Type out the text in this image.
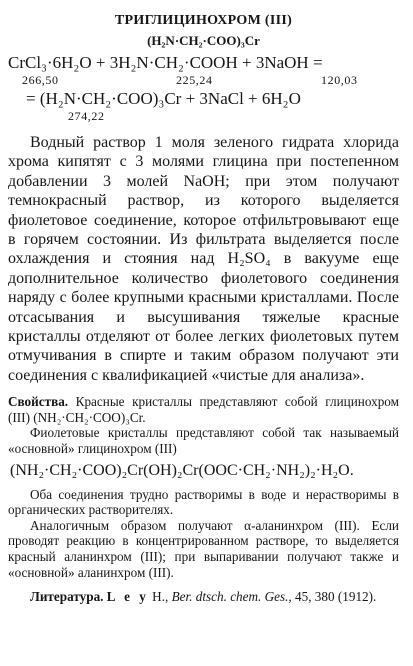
ТРИГЛИЦИНОХРОМ (III)
(H₂N·CH₂·COO)₃Cr
CrCl₃·6H₂O + 3H₂N·CH₂·COOH + 3NaOH =
266,50	225,24	120,03
= (H₂N·CH₂·COO)₃Cr + 3NaCl + 6H₂O
274,22

Водный раствор 1 моля зеленого гидрата хлорида хрома кипятят с 3 молями глицина при постепенном добавлении 3 молей NaOH; при этом получают темнокрасный раствор, из которого выделяется фиолетовое соединение, которое отфильтровывают еще в горячем состоянии. Из фильтрата выделяется после охлаждения и стояния над H₂SO₄ в вакууме еще дополнительное количество фиолетового соединения наряду с более крупными красными кристаллами. После отсасывания и высушивания тяжелые красные кристаллы отделяют от более легких фиолетовых путем отмучивания в спирте и таким образом получают эти соединения с квалификацией «чистые для анализа».

Свойства. Красные кристаллы представляют собой глицинохром (III) (NH₂·CH₂·COO)₃Cr.

Фиолетовые кристаллы представляют собой так называемый «основной» глицинохром (III)

(NH₂·CH₂·COO)₂Cr(OH)₂Cr(OOC·CH₂·NH₂)₂·H₂O.

Оба соединения трудно растворимы в воде и нерастворимы в органических растворителях.

Аналогичным образом получают α-аланинхром (III). Если проводят реакцию в концентрированном растворе, то выделяется красный аланинхром (III); при выпаривании получают также и «основной» аланинхром (III).

Литература. L e y H., Ber. dtsch. chem. Ges., 45, 380 (1912).
